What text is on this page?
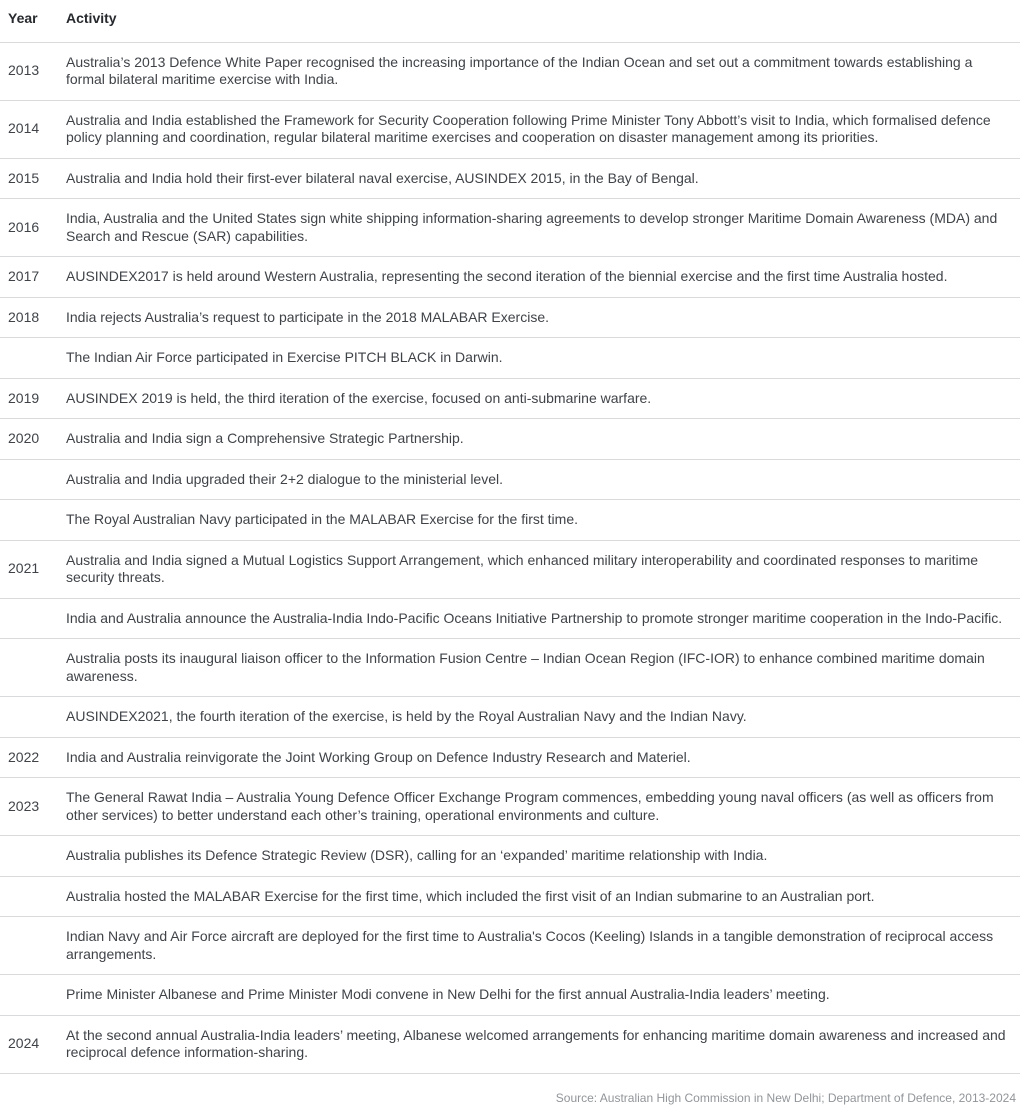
Year	Activity
2013	Australia’s 2013 Defence White Paper recognised the increasing importance of the Indian Ocean and set out a commitment towards establishing a formal bilateral maritime exercise with India.
2014	Australia and India established the Framework for Security Cooperation following Prime Minister Tony Abbott’s visit to India, which formalised defence policy planning and coordination, regular bilateral maritime exercises and cooperation on disaster management among its priorities.
2015	Australia and India hold their first-ever bilateral naval exercise, AUSINDEX 2015, in the Bay of Bengal.
2016	India, Australia and the United States sign white shipping information-sharing agreements to develop stronger Maritime Domain Awareness (MDA) and Search and Rescue (SAR) capabilities.
2017	AUSINDEX2017 is held around Western Australia, representing the second iteration of the biennial exercise and the first time Australia hosted.
2018	India rejects Australia’s request to participate in the 2018 MALABAR Exercise.
	The Indian Air Force participated in Exercise PITCH BLACK in Darwin.
2019	AUSINDEX 2019 is held, the third iteration of the exercise, focused on anti-submarine warfare.
2020	Australia and India sign a Comprehensive Strategic Partnership.
	Australia and India upgraded their 2+2 dialogue to the ministerial level.
	The Royal Australian Navy participated in the MALABAR Exercise for the first time.
2021	Australia and India signed a Mutual Logistics Support Arrangement, which enhanced military interoperability and coordinated responses to maritime security threats.
	India and Australia announce the Australia-India Indo-Pacific Oceans Initiative Partnership to promote stronger maritime cooperation in the Indo-Pacific.
	Australia posts its inaugural liaison officer to the Information Fusion Centre – Indian Ocean Region (IFC-IOR) to enhance combined maritime domain awareness.
	AUSINDEX2021, the fourth iteration of the exercise, is held by the Royal Australian Navy and the Indian Navy.
2022	India and Australia reinvigorate the Joint Working Group on Defence Industry Research and Materiel.
2023	The General Rawat India – Australia Young Defence Officer Exchange Program commences, embedding young naval officers (as well as officers from other services) to better understand each other’s training, operational environments and culture.
	Australia publishes its Defence Strategic Review (DSR), calling for an ‘expanded’ maritime relationship with India.
	Australia hosted the MALABAR Exercise for the first time, which included the first visit of an Indian submarine to an Australian port.
	Indian Navy and Air Force aircraft are deployed for the first time to Australia's Cocos (Keeling) Islands in a tangible demonstration of reciprocal access arrangements.
	Prime Minister Albanese and Prime Minister Modi convene in New Delhi for the first annual Australia-India leaders’ meeting.
2024	At the second annual Australia-India leaders’ meeting, Albanese welcomed arrangements for enhancing maritime domain awareness and increased and reciprocal defence information-sharing.
Source: Australian High Commission in New Delhi; Department of Defence, 2013-2024
